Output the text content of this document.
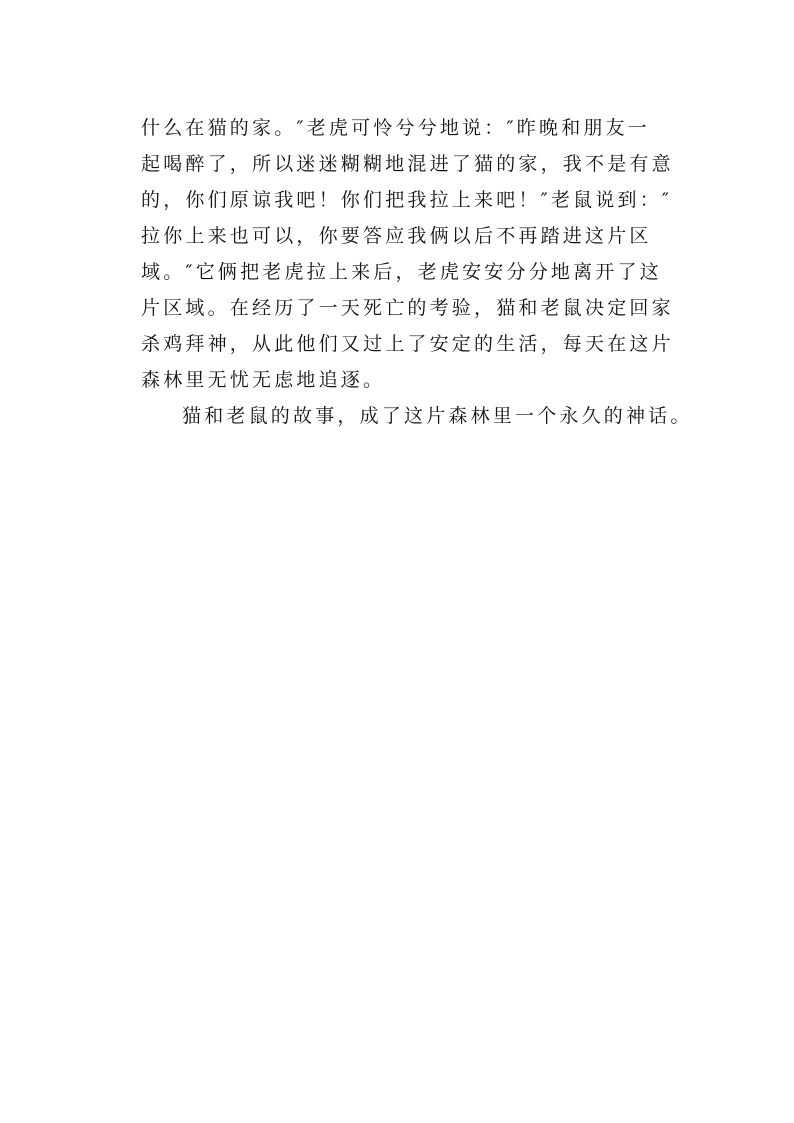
什么在猫的家。″老虎可怜兮兮地说：″昨晚和朋友一
起喝醉了，所以迷迷糊糊地混进了猫的家，我不是有意
的，你们原谅我吧！你们把我拉上来吧！″老鼠说到：″
拉你上来也可以，你要答应我俩以后不再踏进这片区
域。″它俩把老虎拉上来后，老虎安安分分地离开了这
片区域。在经历了一天死亡的考验，猫和老鼠决定回家
杀鸡拜神，从此他们又过上了安定的生活，每天在这片
森林里无忧无虑地追逐。
猫和老鼠的故事，成了这片森林里一个永久的神话。
